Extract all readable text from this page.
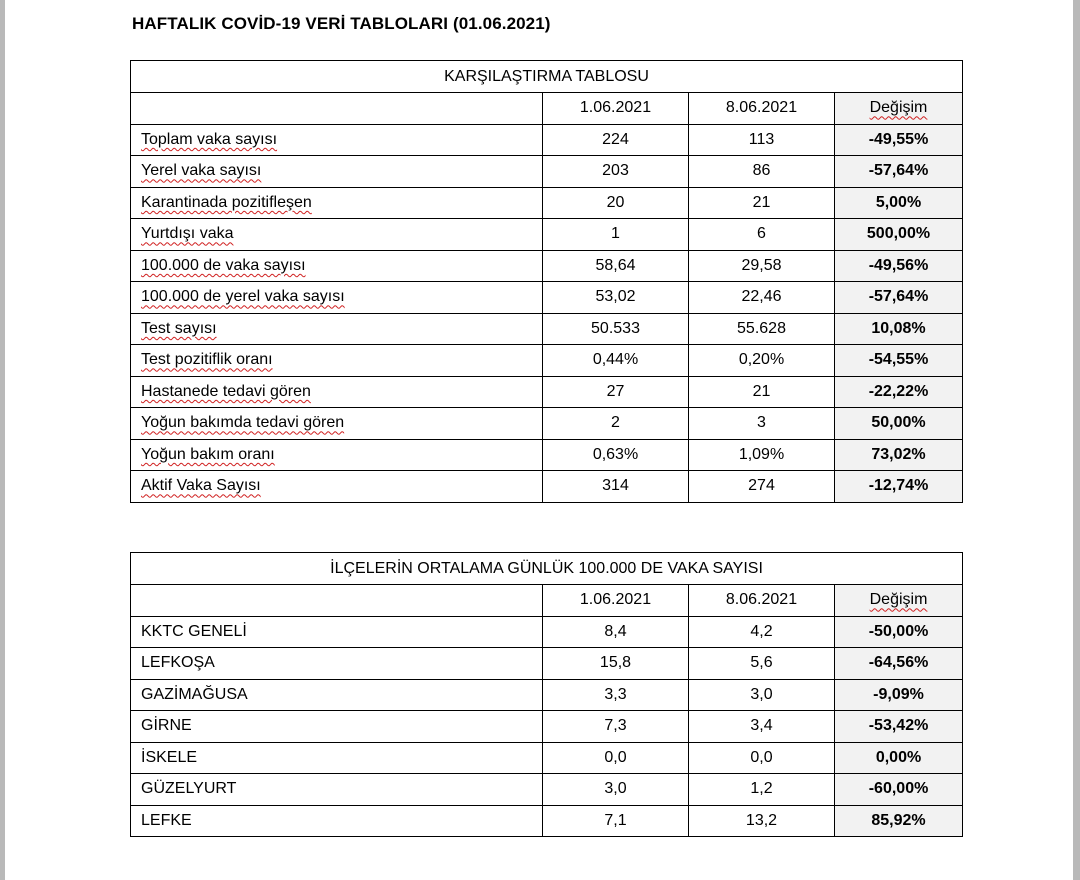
HAFTALIK COVİD-19 VERİ TABLOLARI (01.06.2021)
KARŞILAŞTIRMA TABLOSU			
	1.06.2021	8.06.2021	Değişim
Toplam vaka sayısı	224	113	-49,55%
Yerel vaka sayısı	203	86	-57,64%
Karantinada pozitifleşen	20	21	5,00%
Yurtdışı vaka	1	6	500,00%
100.000 de vaka sayısı	58,64	29,58	-49,56%
100.000 de yerel vaka sayısı	53,02	22,46	-57,64%
Test sayısı	50.533	55.628	10,08%
Test pozitiflik oranı	0,44%	0,20%	-54,55%
Hastanede tedavi gören	27	21	-22,22%
Yoğun bakımda tedavi gören	2	3	50,00%
Yoğun bakım oranı	0,63%	1,09%	73,02%
Aktif Vaka Sayısı	314	274	-12,74%
İLÇELERİN ORTALAMA GÜNLÜK 100.000 DE VAKA SAYISI			
	1.06.2021	8.06.2021	Değişim
KKTC GENELİ	8,4	4,2	-50,00%
LEFKOŞA	15,8	5,6	-64,56%
GAZİMAĞUSA	3,3	3,0	-9,09%
GİRNE	7,3	3,4	-53,42%
İSKELE	0,0	0,0	0,00%
GÜZELYURT	3,0	1,2	-60,00%
LEFKE	7,1	13,2	85,92%
